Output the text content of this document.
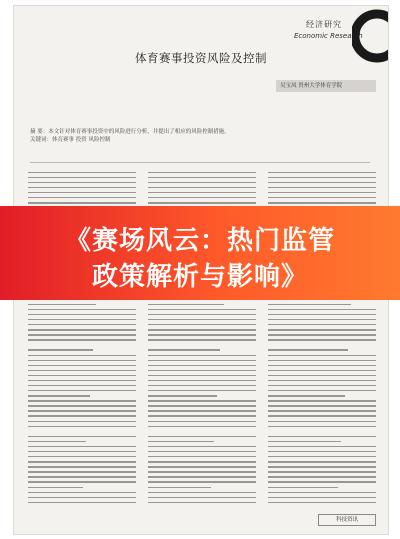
经济研究
Economic Research
体育赛事投资风险及控制
吴宝凤 贵州大学体育学院
摘 要：本文针对体育赛事投资中的风险进行分析，并提出了相应的风险控制措施。
关键词：体育赛事 投资 风险控制
科技资讯
《赛场风云：热门监管
政策解析与影响》
